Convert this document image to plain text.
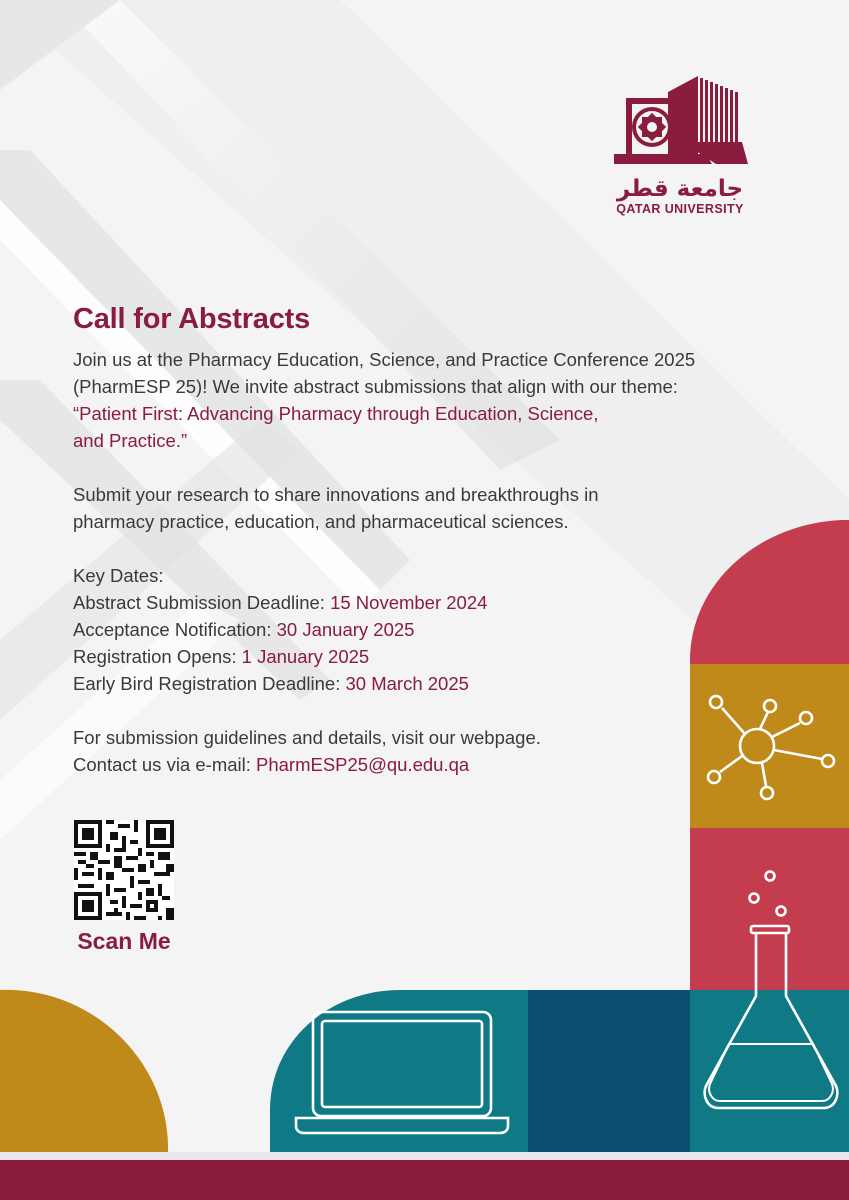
جامعة قطر
QATAR UNIVERSITY
Call for Abstracts

Join us at the Pharmacy Education, Science, and Practice Conference 2025

(PharmESP 25)! We invite abstract submissions that align with our theme:

“Patient First: Advancing Pharmacy through Education, Science,

and Practice.”

Submit your research to share innovations and breakthroughs in

pharmacy practice, education, and pharmaceutical sciences.

Key Dates:

Abstract Submission Deadline: 15 November 2024

Acceptance Notification: 30 January 2025

Registration Opens: 1 January 2025

Early Bird Registration Deadline: 30 March 2025

For submission guidelines and details, visit our webpage.

Contact us via e-mail: PharmESP25@qu.edu.qa

Scan Me
